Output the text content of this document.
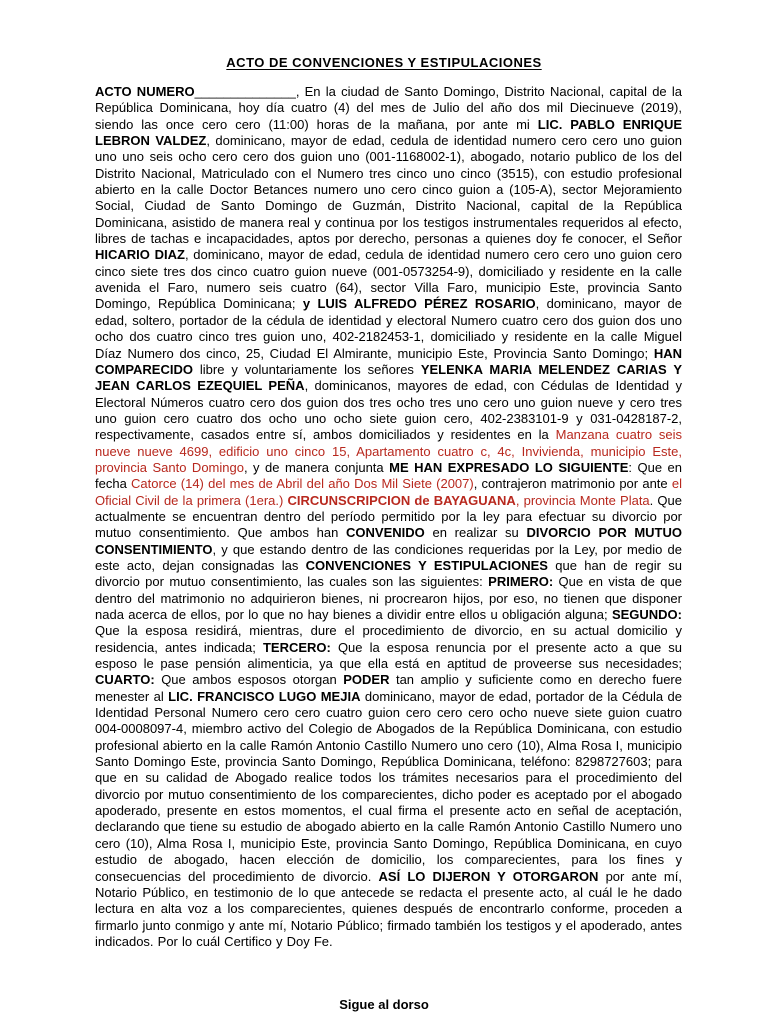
ACTO DE CONVENCIONES Y ESTIPULACIONES
ACTO NUMERO______________, En la ciudad de Santo Domingo, Distrito Nacional, capital de la República Dominicana, hoy día cuatro (4) del mes de Julio del año dos mil Diecinueve (2019), siendo las once cero cero (11:00) horas de la mañana, por ante mi LIC. PABLO ENRIQUE LEBRON VALDEZ, dominicano, mayor de edad, cedula de identidad numero cero cero uno guion uno uno seis ocho cero cero dos guion uno (001-1168002-1), abogado, notario publico de los del Distrito Nacional, Matriculado con el Numero tres cinco uno cinco (3515), con estudio profesional abierto en la calle Doctor Betances numero uno cero cinco guion a (105-A), sector Mejoramiento Social, Ciudad de Santo Domingo de Guzmán, Distrito Nacional, capital de la República Dominicana, asistido de manera real y continua por los testigos instrumentales requeridos al efecto, libres de tachas e incapacidades, aptos por derecho, personas a quienes doy fe conocer, el Señor HICARIO DIAZ, dominicano, mayor de edad, cedula de identidad numero cero cero uno guion cero cinco siete tres dos cinco cuatro guion nueve (001-0573254-9), domiciliado y residente en la calle avenida el Faro, numero seis cuatro (64), sector Villa Faro, municipio Este, provincia Santo Domingo, República Dominicana; y LUIS ALFREDO PÉREZ ROSARIO, dominicano, mayor de edad, soltero, portador de la cédula de identidad y electoral Numero cuatro cero dos guion dos uno ocho dos cuatro cinco tres guion uno, 402-2182453-1, domiciliado y residente en la calle Miguel Díaz Numero dos cinco, 25, Ciudad El Almirante, municipio Este, Provincia Santo Domingo; HAN COMPARECIDO libre y voluntariamente los señores YELENKA MARIA MELENDEZ CARIAS Y JEAN CARLOS EZEQUIEL PEÑA, dominicanos, mayores de edad, con Cédulas de Identidad y Electoral Números cuatro cero dos guion dos tres ocho tres uno cero uno guion nueve y cero tres uno guion cero cuatro dos ocho uno ocho siete guion cero, 402-2383101-9 y 031-0428187-2, respectivamente, casados entre sí, ambos domiciliados y residentes en la Manzana cuatro seis nueve nueve 4699, edificio uno cinco 15, Apartamento cuatro c, 4c, Invivienda, municipio Este, provincia Santo Domingo, y de manera conjunta ME HAN EXPRESADO LO SIGUIENTE: Que en fecha Catorce (14) del mes de Abril del año Dos Mil Siete (2007), contrajeron matrimonio por ante el Oficial Civil de la primera (1era.) CIRCUNSCRIPCION de BAYAGUANA, provincia Monte Plata. Que actualmente se encuentran dentro del período permitido por la ley para efectuar su divorcio por mutuo consentimiento. Que ambos han CONVENIDO en realizar su DIVORCIO POR MUTUO CONSENTIMIENTO, y que estando dentro de las condiciones requeridas por la Ley, por medio de este acto, dejan consignadas las CONVENCIONES Y ESTIPULACIONES que han de regir su divorcio por mutuo consentimiento, las cuales son las siguientes: PRIMERO: Que en vista de que dentro del matrimonio no adquirieron bienes, ni procrearon hijos, por eso, no tienen que disponer nada acerca de ellos, por lo que no hay bienes a dividir entre ellos u obligación alguna; SEGUNDO: Que la esposa residirá, mientras, dure el procedimiento de divorcio, en su actual domicilio y residencia, antes indicada; TERCERO: Que la esposa renuncia por el presente acto a que su esposo le pase pensión alimenticia, ya que ella está en aptitud de proveerse sus necesidades; CUARTO: Que ambos esposos otorgan PODER tan amplio y suficiente como en derecho fuere menester al LIC. FRANCISCO LUGO MEJIA dominicano, mayor de edad, portador de la Cédula de Identidad Personal Numero cero cero cuatro guion cero cero cero ocho nueve siete guion cuatro 004-0008097-4, miembro activo del Colegio de Abogados de la República Dominicana, con estudio profesional abierto en la calle Ramón Antonio Castillo Numero uno cero (10), Alma Rosa I, municipio Santo Domingo Este, provincia Santo Domingo, República Dominicana, teléfono: 8298727603; para que en su calidad de Abogado realice todos los trámites necesarios para el procedimiento del divorcio por mutuo consentimiento de los comparecientes, dicho poder es aceptado por el abogado apoderado, presente en estos momentos, el cual firma el presente acto en señal de aceptación, declarando que tiene su estudio de abogado abierto en la calle Ramón Antonio Castillo Numero uno cero (10), Alma Rosa I, municipio Este, provincia Santo Domingo, República Dominicana, en cuyo estudio de abogado, hacen elección de domicilio, los comparecientes, para los fines y consecuencias del procedimiento de divorcio. ASÍ LO DIJERON Y OTORGARON por ante mí, Notario Público, en testimonio de lo que antecede se redacta el presente acto, al cuál le he dado lectura en alta voz a los comparecientes, quienes después de encontrarlo conforme, proceden a firmarlo junto conmigo y ante mí, Notario Público; firmado también los testigos y el apoderado, antes indicados. Por lo cuál Certifico y Doy Fe.
Sigue al dorso
